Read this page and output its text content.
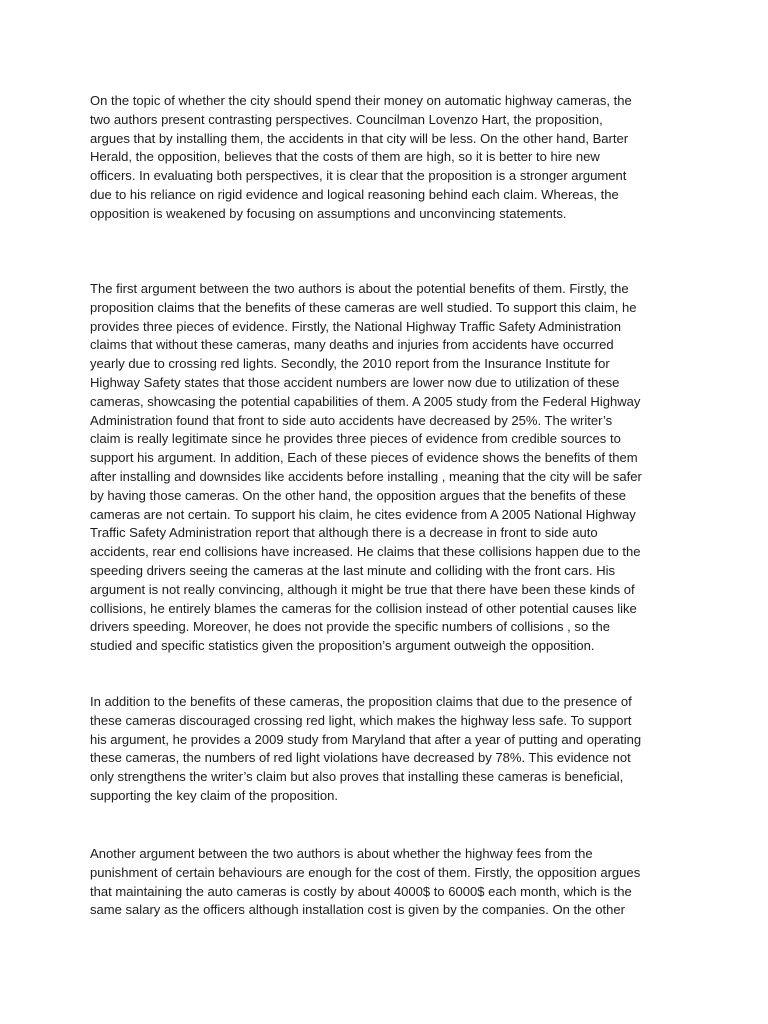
On the topic of whether the city should spend their money on automatic highway cameras, the
two authors present contrasting perspectives. Councilman Lovenzo Hart, the proposition,
argues that by installing them, the accidents in that city will be less. On the other hand, Barter
Herald, the opposition, believes that the costs of them are high, so it is better to hire new
officers. In evaluating both perspectives, it is clear that the proposition is a stronger argument
due to his reliance on rigid evidence and logical reasoning behind each claim. Whereas, the
opposition is weakened by focusing on assumptions and unconvincing statements.

The first argument between the two authors is about the potential benefits of them. Firstly, the
proposition claims that the benefits of these cameras are well studied. To support this claim, he
provides three pieces of evidence. Firstly, the National Highway Traffic Safety Administration
claims that without these cameras, many deaths and injuries from accidents have occurred
yearly due to crossing red lights. Secondly, the 2010 report from the Insurance Institute for
Highway Safety states that those accident numbers are lower now due to utilization of these
cameras, showcasing the potential capabilities of them. A 2005 study from the Federal Highway
Administration found that front to side auto accidents have decreased by 25%. The writer’s
claim is really legitimate since he provides three pieces of evidence from credible sources to
support his argument. In addition, Each of these pieces of evidence shows the benefits of them
after installing and downsides like accidents before installing , meaning that the city will be safer
by having those cameras. On the other hand, the opposition argues that the benefits of these
cameras are not certain. To support his claim, he cites evidence from A 2005 National Highway
Traffic Safety Administration report that although there is a decrease in front to side auto
accidents, rear end collisions have increased. He claims that these collisions happen due to the
speeding drivers seeing the cameras at the last minute and colliding with the front cars. His
argument is not really convincing, although it might be true that there have been these kinds of
collisions, he entirely blames the cameras for the collision instead of other potential causes like
drivers speeding. Moreover, he does not provide the specific numbers of collisions , so the
studied and specific statistics given the proposition’s argument outweigh the opposition.

In addition to the benefits of these cameras, the proposition claims that due to the presence of
these cameras discouraged crossing red light, which makes the highway less safe. To support
his argument, he provides a 2009 study from Maryland that after a year of putting and operating
these cameras, the numbers of red light violations have decreased by 78%. This evidence not
only strengthens the writer’s claim but also proves that installing these cameras is beneficial,
supporting the key claim of the proposition.

Another argument between the two authors is about whether the highway fees from the
punishment of certain behaviours are enough for the cost of them. Firstly, the opposition argues
that maintaining the auto cameras is costly by about 4000$ to 6000$ each month, which is the
same salary as the officers although installation cost is given by the companies. On the other
